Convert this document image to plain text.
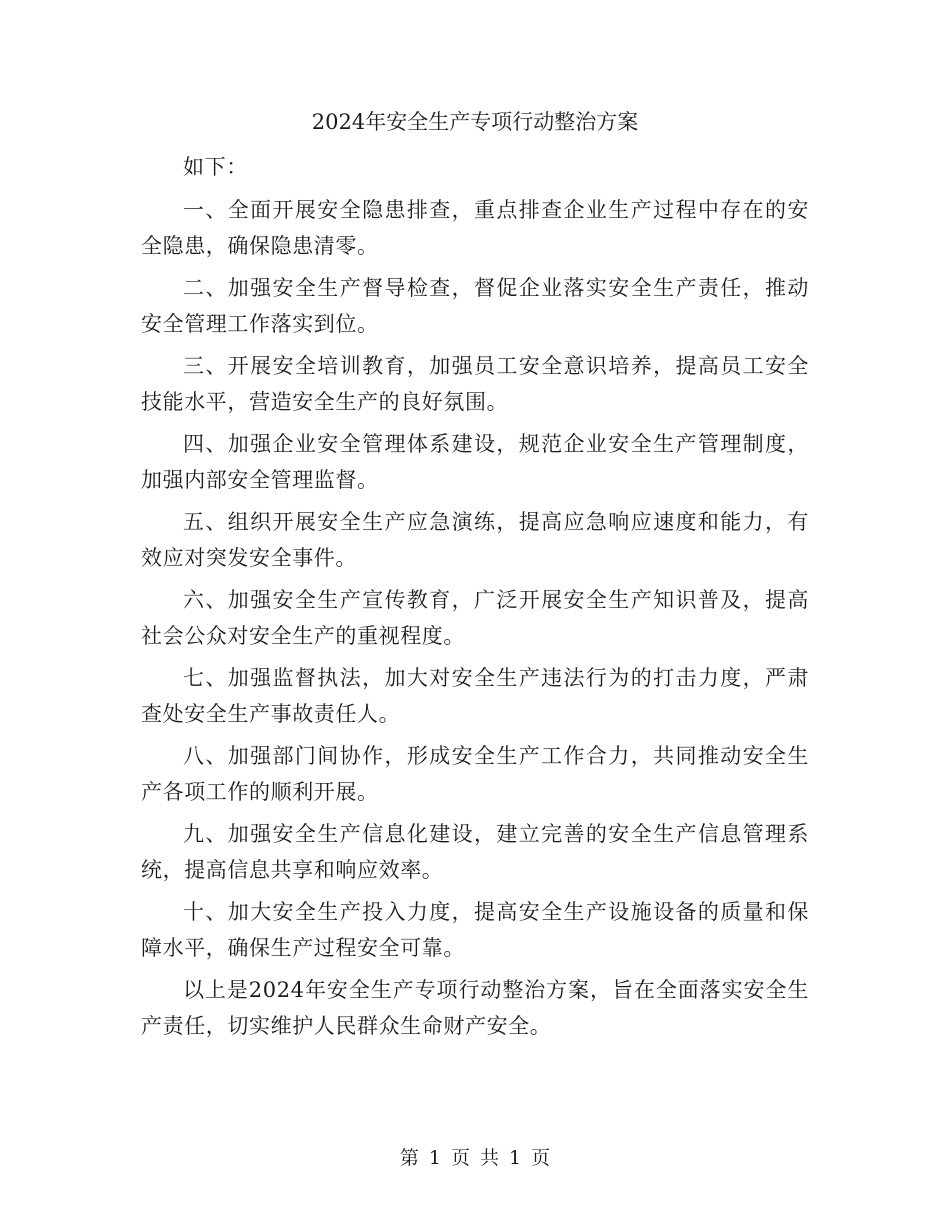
2024年安全生产专项行动整治方案

如下：

一、全面开展安全隐患排查，重点排查企业生产过程中存在的安全隐患，确保隐患清零。

二、加强安全生产督导检查，督促企业落实安全生产责任，推动安全管理工作落实到位。

三、开展安全培训教育，加强员工安全意识培养，提高员工安全技能水平，营造安全生产的良好氛围。

四、加强企业安全管理体系建设，规范企业安全生产管理制度，加强内部安全管理监督。

五、组织开展安全生产应急演练，提高应急响应速度和能力，有效应对突发安全事件。

六、加强安全生产宣传教育，广泛开展安全生产知识普及，提高社会公众对安全生产的重视程度。

七、加强监督执法，加大对安全生产违法行为的打击力度，严肃查处安全生产事故责任人。

八、加强部门间协作，形成安全生产工作合力，共同推动安全生产各项工作的顺利开展。

九、加强安全生产信息化建设，建立完善的安全生产信息管理系统，提高信息共享和响应效率。

十、加大安全生产投入力度，提高安全生产设施设备的质量和保障水平，确保生产过程安全可靠。

以上是2024年安全生产专项行动整治方案，旨在全面落实安全生产责任，切实维护人民群众生命财产安全。

第 1 页 共 1 页
